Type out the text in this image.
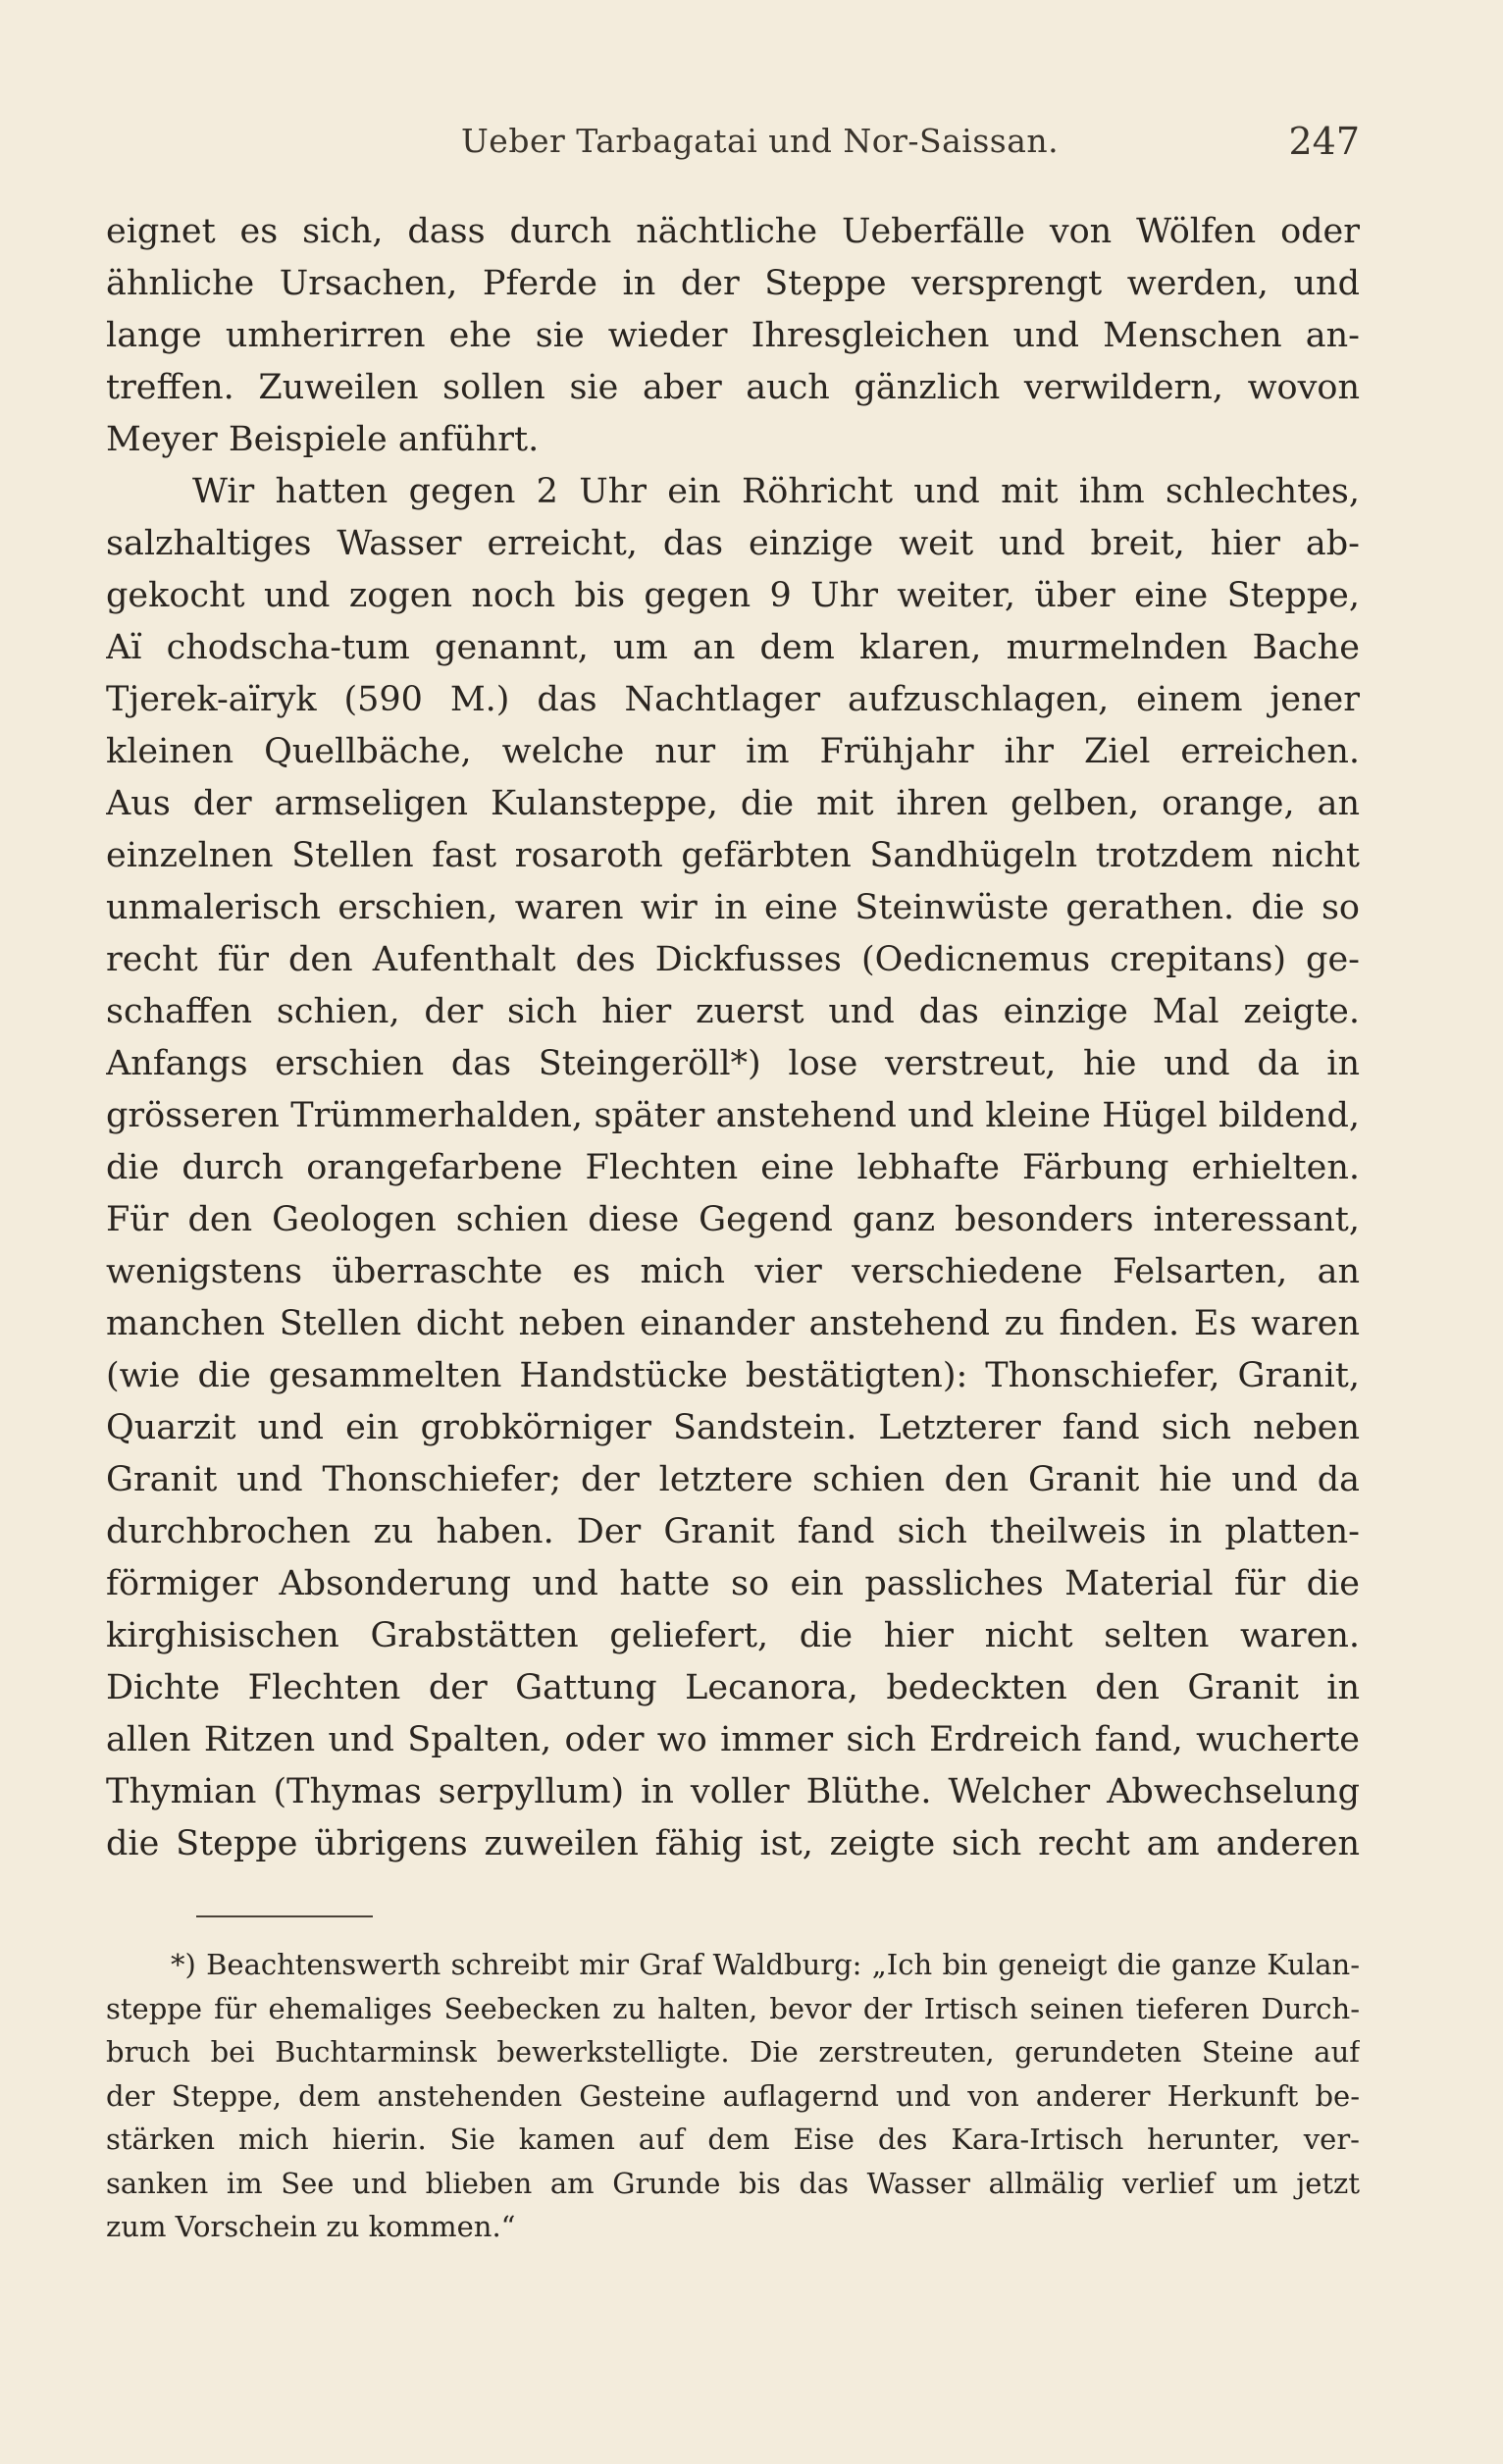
Ueber Tarbagatai und Nor-Saissan.	247
eignet es sich, dass durch nächtliche Ueberfälle von Wölfen oder
ähnliche Ursachen, Pferde in der Steppe versprengt werden, und
lange umherirren ehe sie wieder Ihresgleichen und Menschen an-
treffen. Zuweilen sollen sie aber auch gänzlich verwildern, wovon
Meyer Beispiele anführt.
Wir hatten gegen 2 Uhr ein Röhricht und mit ihm schlechtes,
salzhaltiges Wasser erreicht, das einzige weit und breit, hier ab-
gekocht und zogen noch bis gegen 9 Uhr weiter, über eine Steppe,
Aï chodscha-tum genannt, um an dem klaren, murmelnden Bache
Tjerek-aïryk (590 M.) das Nachtlager aufzuschlagen, einem jener
kleinen Quellbäche, welche nur im Frühjahr ihr Ziel erreichen.
Aus der armseligen Kulansteppe, die mit ihren gelben, orange, an
einzelnen Stellen fast rosaroth gefärbten Sandhügeln trotzdem nicht
unmalerisch erschien, waren wir in eine Steinwüste gerathen. die so
recht für den Aufenthalt des Dickfusses (Oedicnemus crepitans) ge-
schaffen schien, der sich hier zuerst und das einzige Mal zeigte.
Anfangs erschien das Steingeröll*) lose verstreut, hie und da in
grösseren Trümmerhalden, später anstehend und kleine Hügel bildend,
die durch orangefarbene Flechten eine lebhafte Färbung erhielten.
Für den Geologen schien diese Gegend ganz besonders interessant,
wenigstens überraschte es mich vier verschiedene Felsarten, an
manchen Stellen dicht neben einander anstehend zu finden. Es waren
(wie die gesammelten Handstücke bestätigten): Thonschiefer, Granit,
Quarzit und ein grobkörniger Sandstein. Letzterer fand sich neben
Granit und Thonschiefer; der letztere schien den Granit hie und da
durchbrochen zu haben. Der Granit fand sich theilweis in platten-
förmiger Absonderung und hatte so ein passliches Material für die
kirghisischen Grabstätten geliefert, die hier nicht selten waren.
Dichte Flechten der Gattung Lecanora, bedeckten den Granit in
allen Ritzen und Spalten, oder wo immer sich Erdreich fand, wucherte
Thymian (Thymas serpyllum) in voller Blüthe. Welcher Abwechselung
die Steppe übrigens zuweilen fähig ist, zeigte sich recht am anderen
*) Beachtenswerth schreibt mir Graf Waldburg: „Ich bin geneigt die ganze Kulan-
steppe für ehemaliges Seebecken zu halten, bevor der Irtisch seinen tieferen Durch-
bruch bei Buchtarminsk bewerkstelligte. Die zerstreuten, gerundeten Steine auf
der Steppe, dem anstehenden Gesteine auflagernd und von anderer Herkunft be-
stärken mich hierin. Sie kamen auf dem Eise des Kara-Irtisch herunter, ver-
sanken im See und blieben am Grunde bis das Wasser allmälig verlief um jetzt
zum Vorschein zu kommen.“
